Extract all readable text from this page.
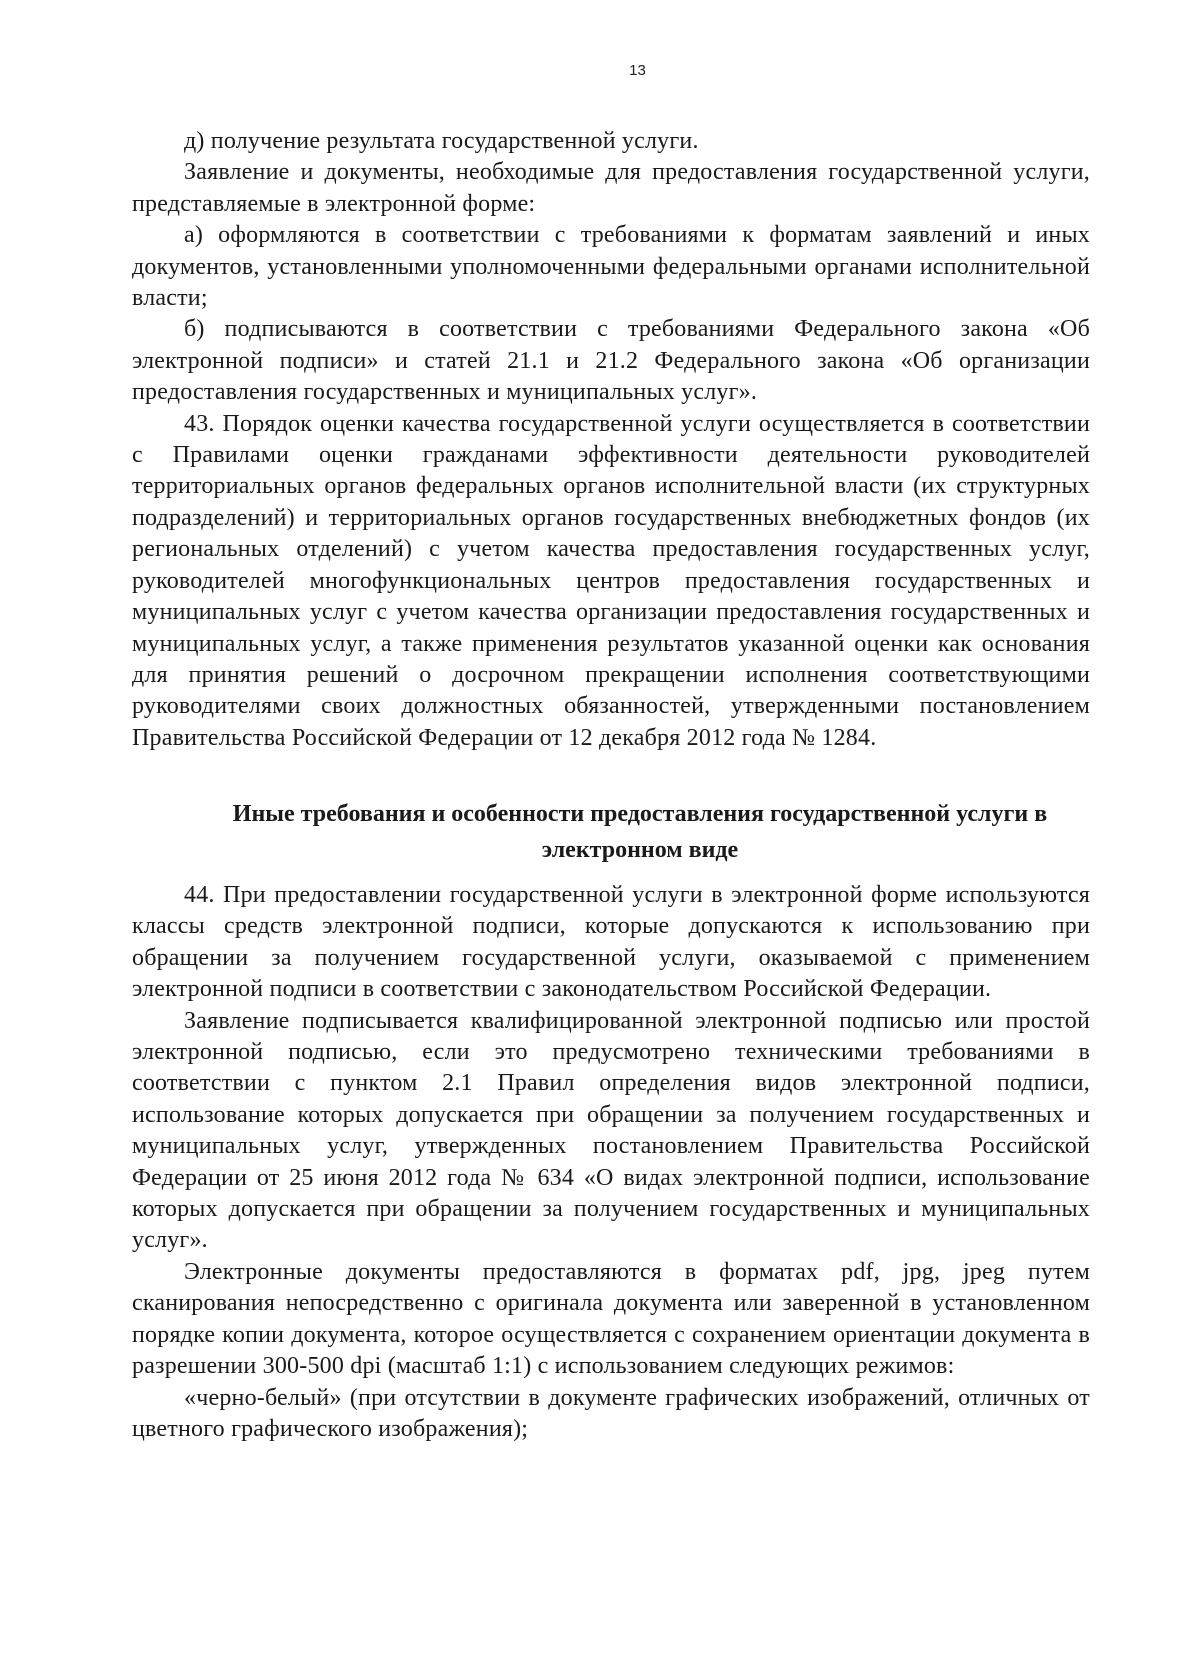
13

д) получение результата государственной услуги.

Заявление и документы, необходимые для предоставления государственной услуги, представляемые в электронной форме:

а) оформляются в соответствии с требованиями к форматам заявлений и иных документов, установленными уполномоченными федеральными органами исполнительной власти;

б) подписываются в соответствии с требованиями Федерального закона «Об электронной подписи» и статей 21.1 и 21.2 Федерального закона «Об организации предоставления государственных и муниципальных услуг».

43. Порядок оценки качества государственной услуги осуществляется в соответствии с Правилами оценки гражданами эффективности деятельности руководителей территориальных органов федеральных органов исполнительной власти (их структурных подразделений) и территориальных органов государственных внебюджетных фондов (их региональных отделений) с учетом качества предоставления государственных услуг, руководителей многофункциональных центров предоставления государственных и муниципальных услуг с учетом качества организации предоставления государственных и муниципальных услуг, а также применения результатов указанной оценки как основания для принятия решений о досрочном прекращении исполнения соответствующими руководителями своих должностных обязанностей, утвержденными постановлением Правительства Российской Федерации от 12 декабря 2012 года № 1284.

Иные требования и особенности предоставления государственной услуги в электронном виде

44. При предоставлении государственной услуги в электронной форме используются классы средств электронной подписи, которые допускаются к использованию при обращении за получением государственной услуги, оказываемой с применением электронной подписи в соответствии с законодательством Российской Федерации.

Заявление подписывается квалифицированной электронной подписью или простой электронной подписью, если это предусмотрено техническими требованиями в соответствии с пунктом 2.1 Правил определения видов электронной подписи, использование которых допускается при обращении за получением государственных и муниципальных услуг, утвержденных постановлением Правительства Российской Федерации от 25 июня 2012 года № 634 «О видах электронной подписи, использование которых допускается при обращении за получением государственных и муниципальных услуг».

Электронные документы предоставляются в форматах pdf, jpg, jpeg путем сканирования непосредственно с оригинала документа или заверенной в установленном порядке копии документа, которое осуществляется с сохранением ориентации документа в разрешении 300-500 dpi (масштаб 1:1) с использованием следующих режимов:

«черно-белый» (при отсутствии в документе графических изображений, отличных от цветного графического изображения);
